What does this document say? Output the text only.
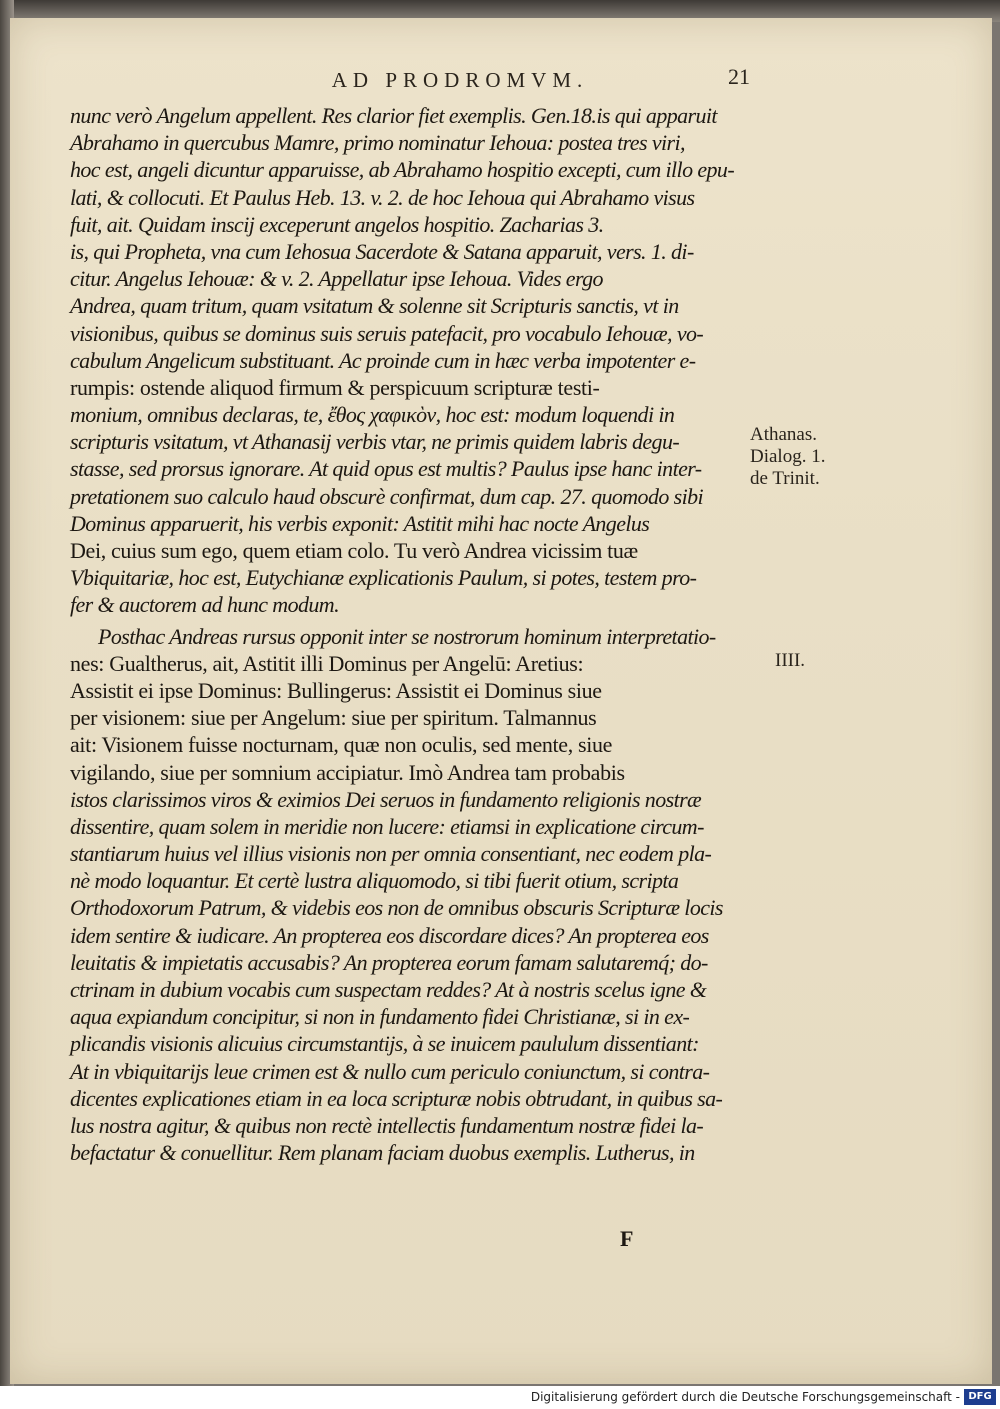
AD PRODROMVM.	21
nunc verò Angelum appellent. Res clarior fiet exemplis. Gen.18.is qui apparuit
Abrahamo in quercubus Mamre, primo nominatur Iehoua: postea tres viri,
hoc est, angeli dicuntur apparuisse, ab Abrahamo hospitio excepti, cum illo epu-
lati, & collocuti. Et Paulus Heb. 13. v. 2. de hoc Iehoua qui Abrahamo visus
fuit, ait. Quidam inscij exceperunt angelos hospitio. Zacharias 3.
is, qui Propheta, vna cum Iehosua Sacerdote & Satana apparuit, vers. 1. di-
citur. Angelus Iehouæ: & v. 2. Appellatur ipse Iehoua. Vides ergo
Andrea, quam tritum, quam vsitatum & solenne sit Scripturis sanctis, vt in
visionibus, quibus se dominus suis seruis patefacit, pro vocabulo Iehouæ, vo-
cabulum Angelicum substituant. Ac proinde cum in hæc verba impotenter e-
rumpis: ostende aliquod firmum & perspicuum scripturæ testi-
monium, omnibus declaras, te, ἔθος χαφικὸν, hoc est: modum loquendi in
scripturis vsitatum, vt Athanasij verbis vtar, ne primis quidem labris degu-
stasse, sed prorsus ignorare. At quid opus est multis? Paulus ipse hanc inter-
pretationem suo calculo haud obscurè confirmat, dum cap. 27. quomodo sibi
Dominus apparuerit, his verbis exponit: Astitit mihi hac nocte Angelus
Dei, cuius sum ego, quem etiam colo. Tu verò Andrea vicissim tuæ
Vbiquitariæ, hoc est, Eutychianæ explicationis Paulum, si potes, testem pro-
fer & auctorem ad hunc modum.
Posthac Andreas rursus opponit inter se nostrorum hominum interpretatio-
nes: Gualtherus, ait, Astitit illi Dominus per Angelū: Aretius:
Assistit ei ipse Dominus: Bullingerus: Assistit ei Dominus siue
per visionem: siue per Angelum: siue per spiritum. Talmannus
ait: Visionem fuisse nocturnam, quæ non oculis, sed mente, siue
vigilando, siue per somnium accipiatur. Imò Andrea tam probabis
istos clarissimos viros & eximios Dei seruos in fundamento religionis nostræ
dissentire, quam solem in meridie non lucere: etiamsi in explicatione circum-
stantiarum huius vel illius visionis non per omnia consentiant, nec eodem pla-
nè modo loquantur. Et certè lustra aliquomodo, si tibi fuerit otium, scripta
Orthodoxorum Patrum, & videbis eos non de omnibus obscuris Scripturæ locis
idem sentire & iudicare. An propterea eos discordare dices? An propterea eos
leuitatis & impietatis accusabis? An propterea eorum famam salutaremq́; do-
ctrinam in dubium vocabis cum suspectam reddes? At à nostris scelus igne &
aqua expiandum concipitur, si non in fundamento fidei Christianæ, si in ex-
plicandis visionis alicuius circumstantijs, à se inuicem paululum dissentiant:
At in vbiquitarijs leue crimen est & nullo cum periculo coniunctum, si contra-
dicentes explicationes etiam in ea loca scripturæ nobis obtrudant, in quibus sa-
lus nostra agitur, & quibus non rectè intellectis fundamentum nostræ fidei la-
befactatur & conuellitur. Rem planam faciam duobus exemplis. Lutherus, in
Athanas.
Dialog. 1.
de Trinit.
IIII.
F
Digitalisierung gefördert durch die Deutsche Forschungsgemeinschaft - DFG
